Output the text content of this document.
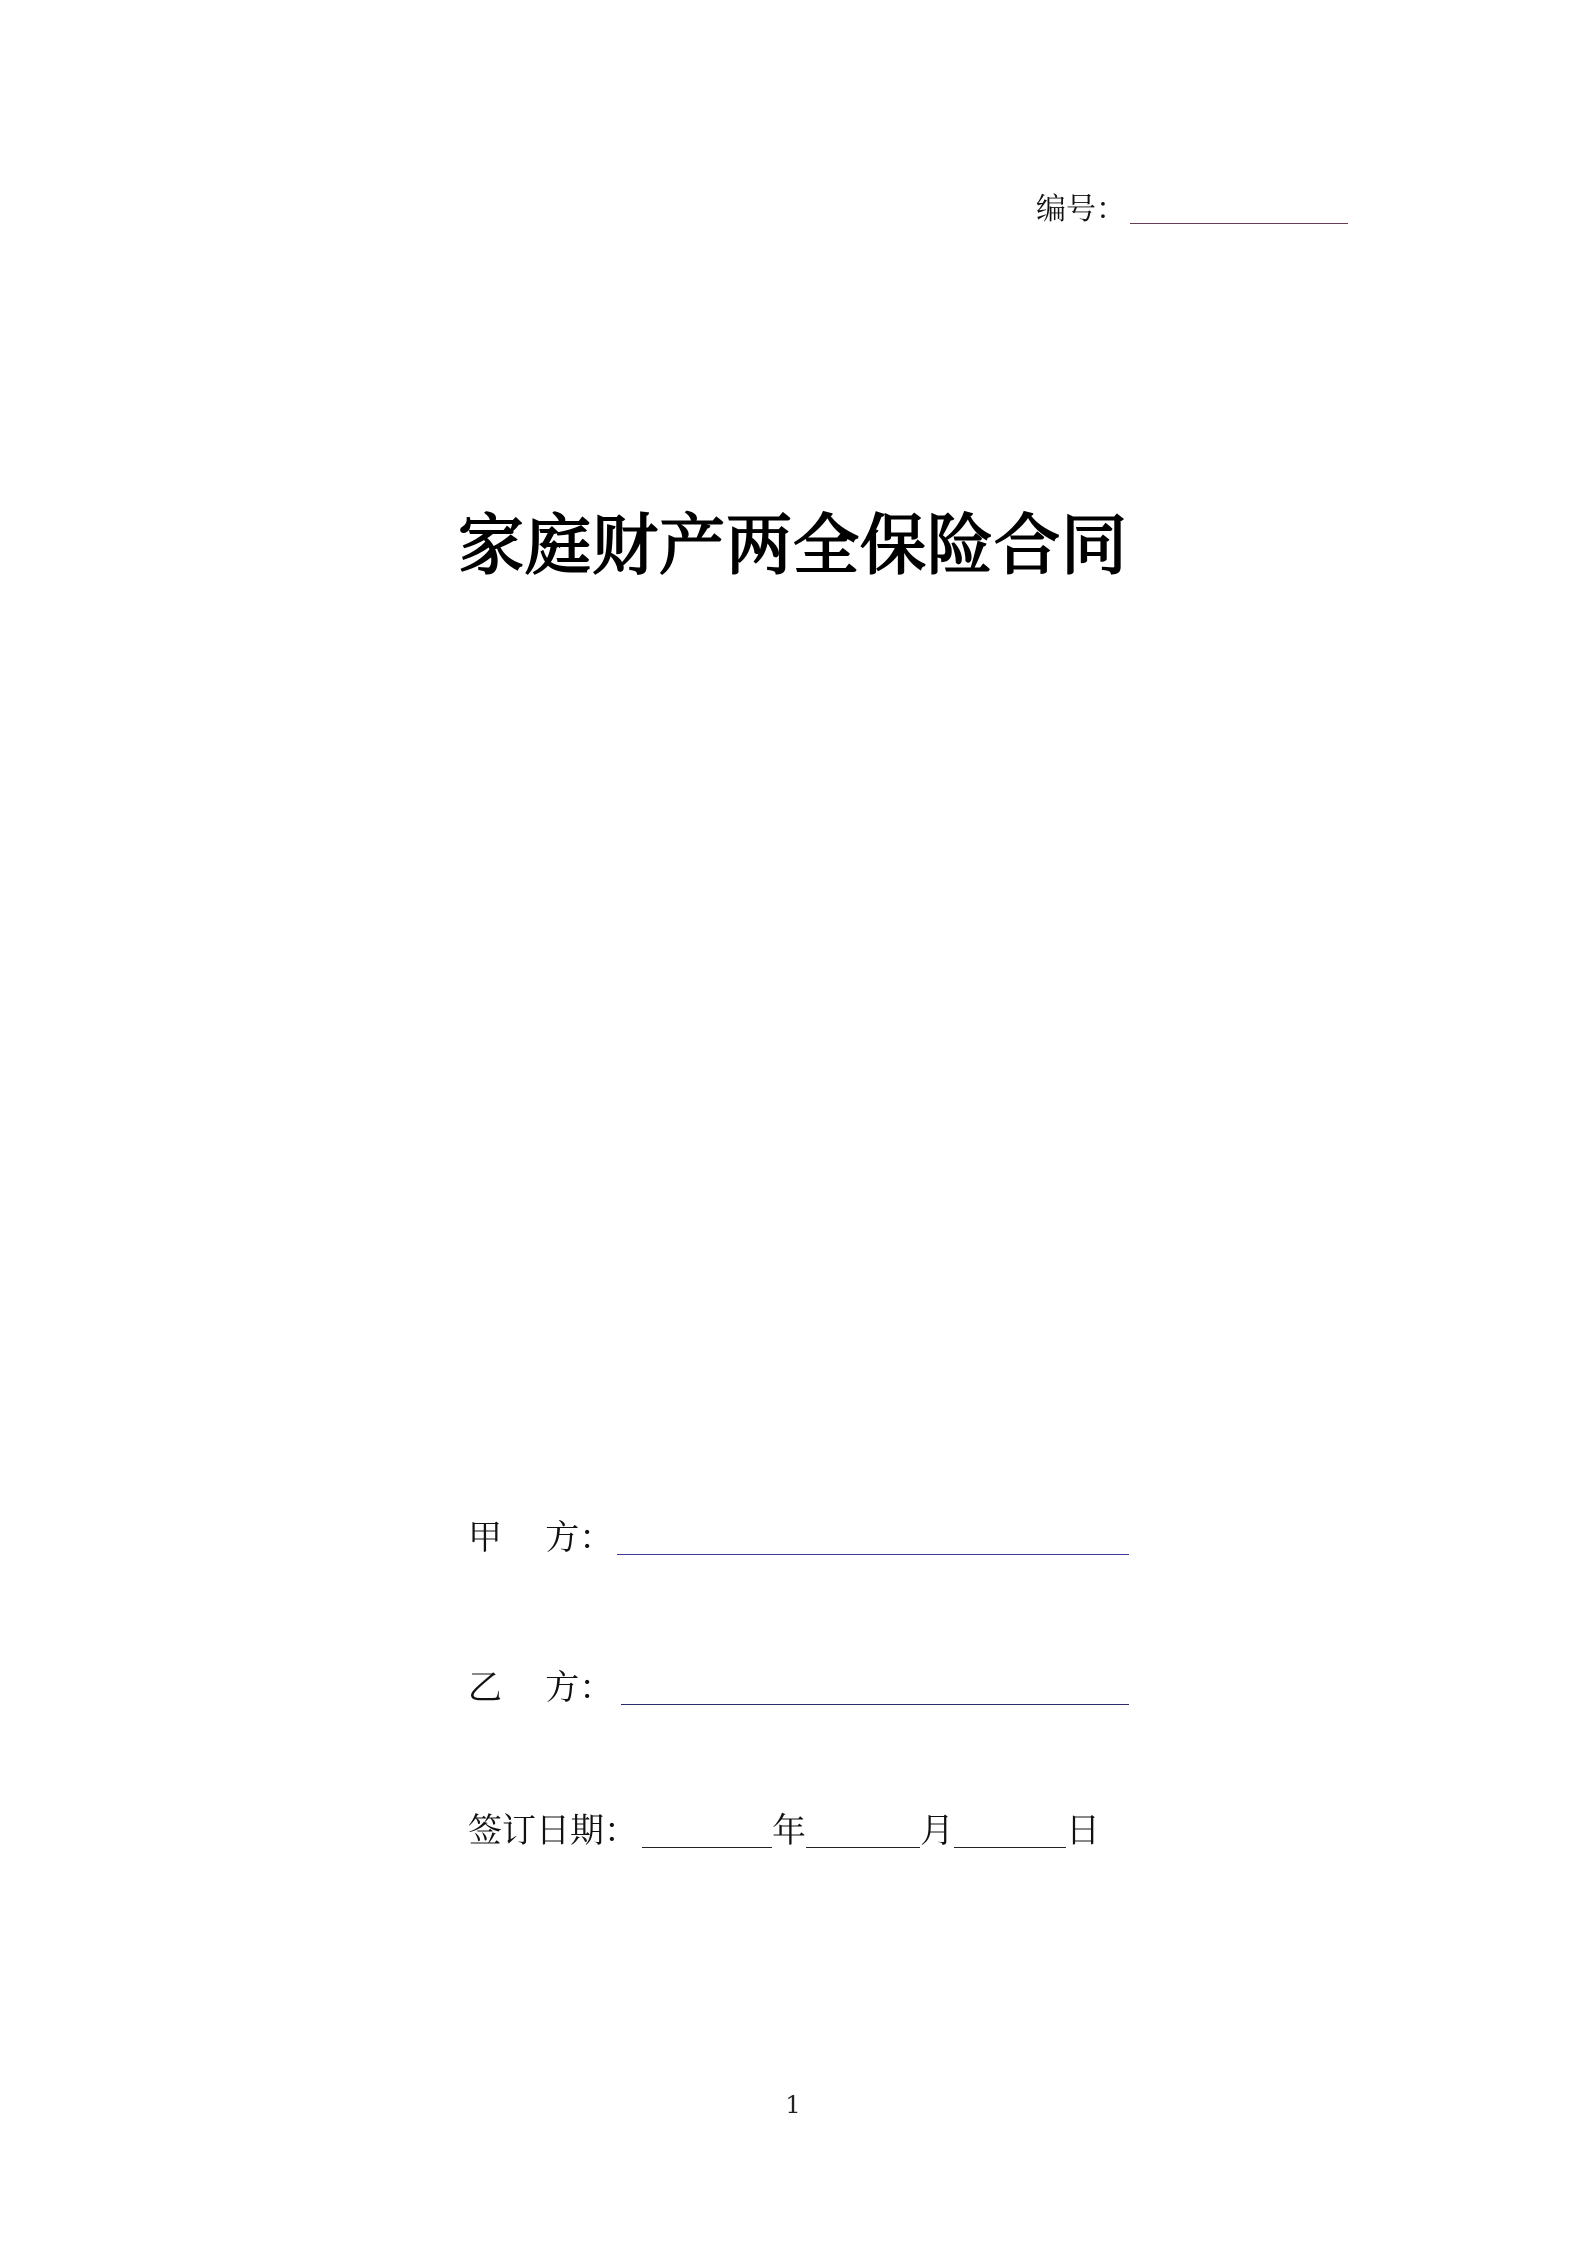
编号：
家庭财产两全保险合同
甲    方：
乙    方：
签订日期：	年	月	日
1
